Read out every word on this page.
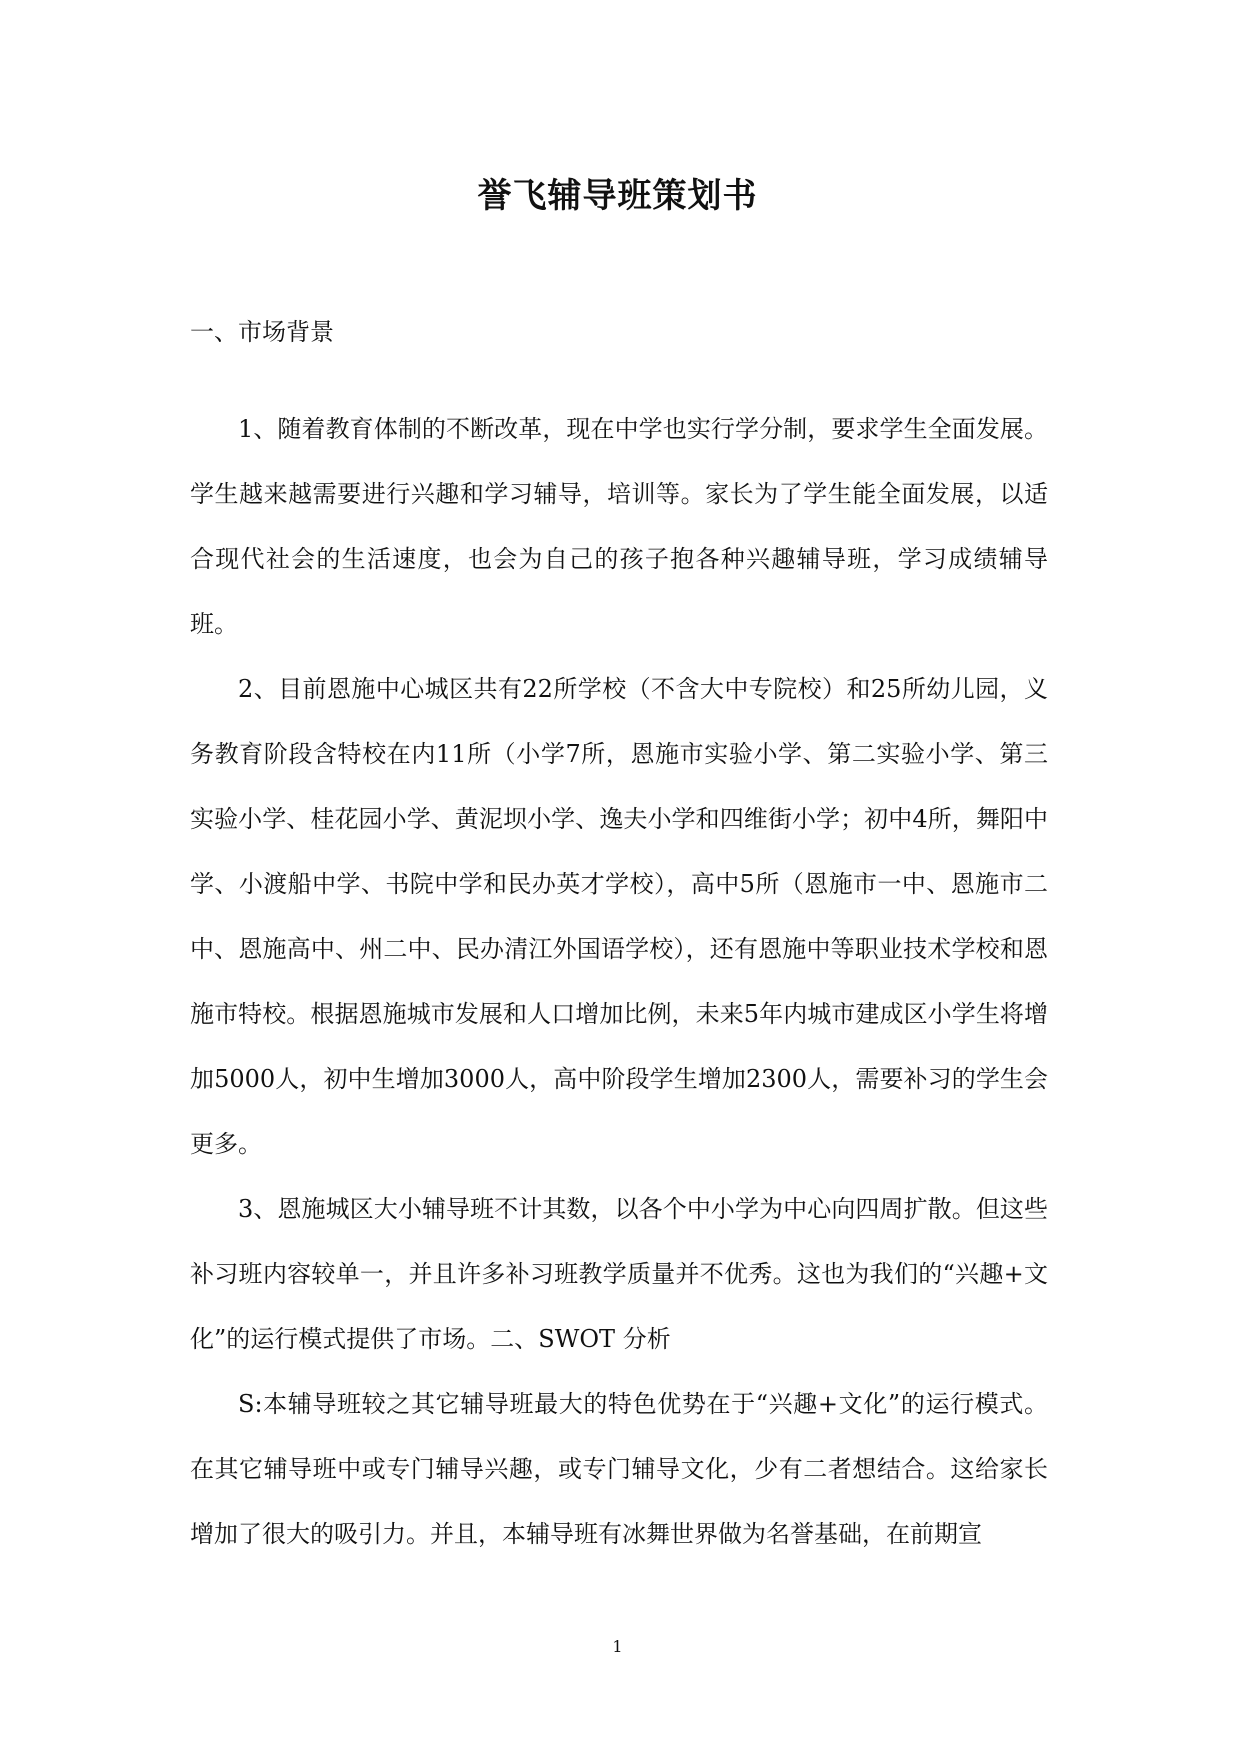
誉飞辅导班策划书

一、市场背景

1、随着教育体制的不断改革，现在中学也实行学分制，要求学生全面发展。学生越来越需要进行兴趣和学习辅导，培训等。家长为了学生能全面发展，以适合现代社会的生活速度，也会为自己的孩子抱各种兴趣辅导班，学习成绩辅导班。

2、目前恩施中心城区共有22所学校（不含大中专院校）和25所幼儿园，义务教育阶段含特校在内11所（小学7所，恩施市实验小学、第二实验小学、第三实验小学、桂花园小学、黄泥坝小学、逸夫小学和四维街小学；初中4所，舞阳中学、小渡船中学、书院中学和民办英才学校），高中5所（恩施市一中、恩施市二中、恩施高中、州二中、民办清江外国语学校），还有恩施中等职业技术学校和恩施市特校。根据恩施城市发展和人口增加比例，未来5年内城市建成区小学生将增加5000人，初中生增加3000人，高中阶段学生增加2300人，需要补习的学生会更多。

3、恩施城区大小辅导班不计其数，以各个中小学为中心向四周扩散。但这些补习班内容较单一，并且许多补习班教学质量并不优秀。这也为我们的“兴趣+文化”的运行模式提供了市场。二、SWOT 分析

S:本辅导班较之其它辅导班最大的特色优势在于“兴趣+文化”的运行模式。在其它辅导班中或专门辅导兴趣，或专门辅导文化，少有二者想结合。这给家长增加了很大的吸引力。并且，本辅导班有冰舞世界做为名誉基础，在前期宣

1
